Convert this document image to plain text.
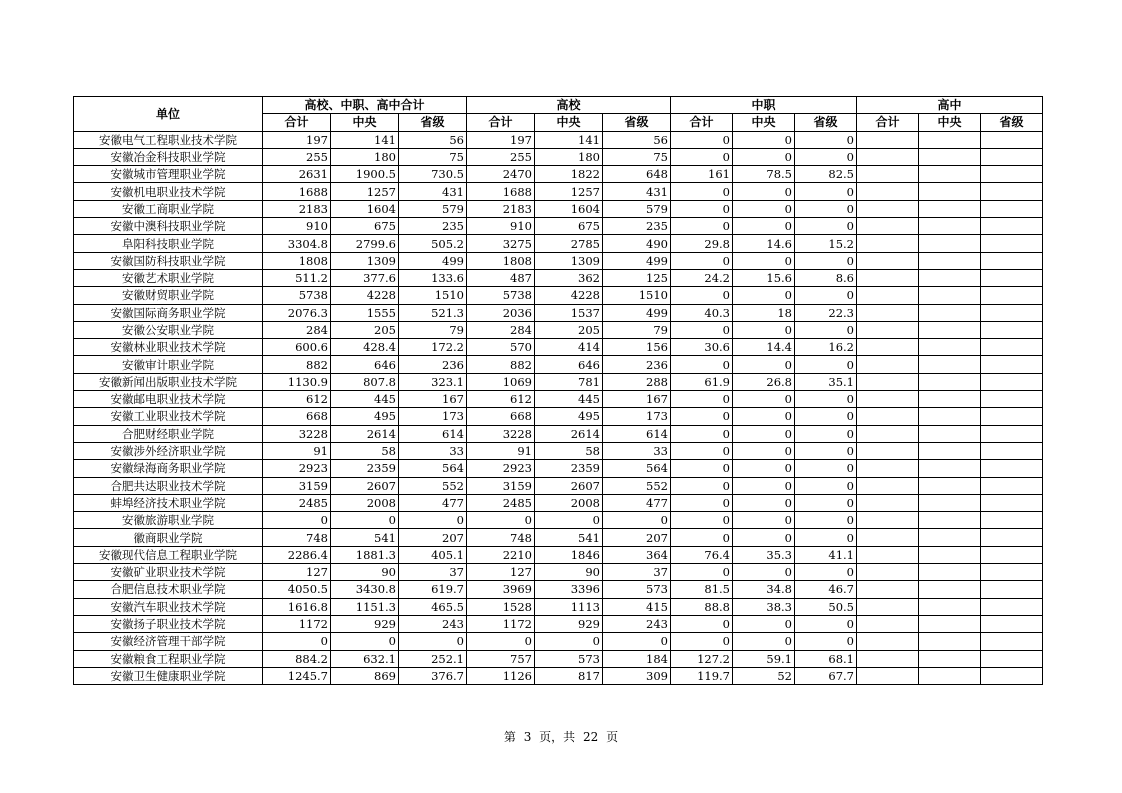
单位	高校、中职、高中合计			高校			中职			高中		
	合计	中央	省级	合计	中央	省级	合计	中央	省级	合计	中央	省级
安徽电气工程职业技术学院	197	141	56	197	141	56	0	0	0			
安徽冶金科技职业学院	255	180	75	255	180	75	0	0	0			
安徽城市管理职业学院	2631	1900.5	730.5	2470	1822	648	161	78.5	82.5			
安徽机电职业技术学院	1688	1257	431	1688	1257	431	0	0	0			
安徽工商职业学院	2183	1604	579	2183	1604	579	0	0	0			
安徽中澳科技职业学院	910	675	235	910	675	235	0	0	0			
阜阳科技职业学院	3304.8	2799.6	505.2	3275	2785	490	29.8	14.6	15.2			
安徽国防科技职业学院	1808	1309	499	1808	1309	499	0	0	0			
安徽艺术职业学院	511.2	377.6	133.6	487	362	125	24.2	15.6	8.6			
安徽财贸职业学院	5738	4228	1510	5738	4228	1510	0	0	0			
安徽国际商务职业学院	2076.3	1555	521.3	2036	1537	499	40.3	18	22.3			
安徽公安职业学院	284	205	79	284	205	79	0	0	0			
安徽林业职业技术学院	600.6	428.4	172.2	570	414	156	30.6	14.4	16.2			
安徽审计职业学院	882	646	236	882	646	236	0	0	0			
安徽新闻出版职业技术学院	1130.9	807.8	323.1	1069	781	288	61.9	26.8	35.1			
安徽邮电职业技术学院	612	445	167	612	445	167	0	0	0			
安徽工业职业技术学院	668	495	173	668	495	173	0	0	0			
合肥财经职业学院	3228	2614	614	3228	2614	614	0	0	0			
安徽涉外经济职业学院	91	58	33	91	58	33	0	0	0			
安徽绿海商务职业学院	2923	2359	564	2923	2359	564	0	0	0			
合肥共达职业技术学院	3159	2607	552	3159	2607	552	0	0	0			
蚌埠经济技术职业学院	2485	2008	477	2485	2008	477	0	0	0			
安徽旅游职业学院	0	0	0	0	0	0	0	0	0			
徽商职业学院	748	541	207	748	541	207	0	0	0			
安徽现代信息工程职业学院	2286.4	1881.3	405.1	2210	1846	364	76.4	35.3	41.1			
安徽矿业职业技术学院	127	90	37	127	90	37	0	0	0			
合肥信息技术职业学院	4050.5	3430.8	619.7	3969	3396	573	81.5	34.8	46.7			
安徽汽车职业技术学院	1616.8	1151.3	465.5	1528	1113	415	88.8	38.3	50.5			
安徽扬子职业技术学院	1172	929	243	1172	929	243	0	0	0			
安徽经济管理干部学院	0	0	0	0	0	0	0	0	0			
安徽粮食工程职业学院	884.2	632.1	252.1	757	573	184	127.2	59.1	68.1			
安徽卫生健康职业学院	1245.7	869	376.7	1126	817	309	119.7	52	67.7			
第 3 页，共 22 页
